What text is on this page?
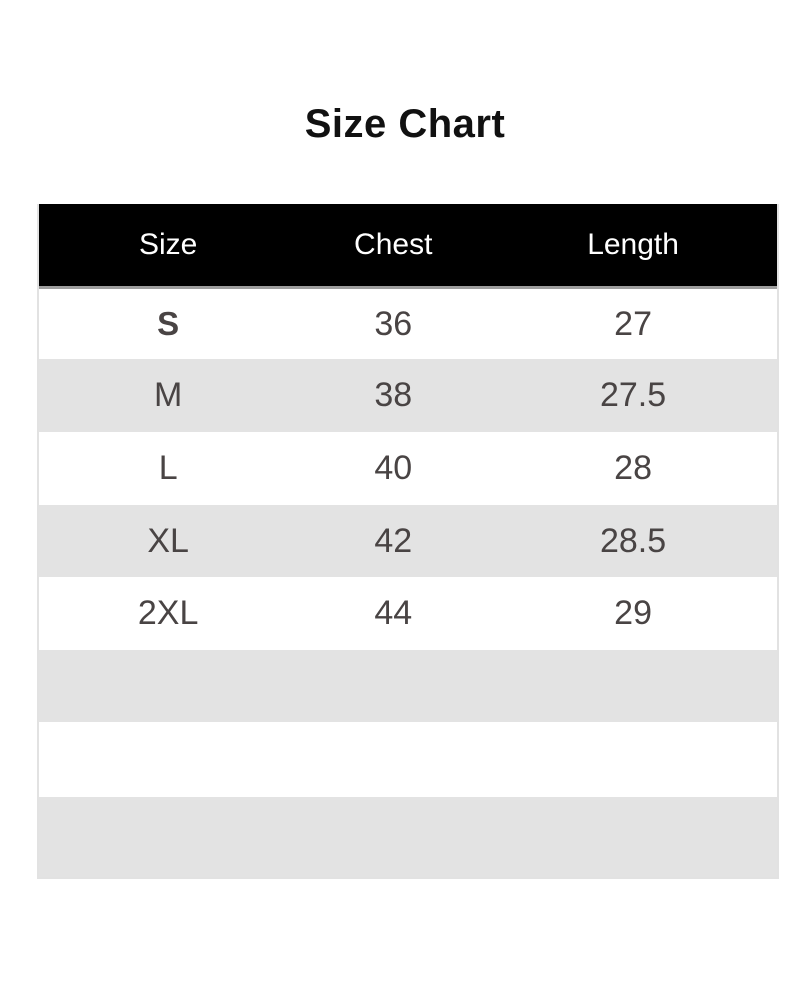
Size Chart
Size	Chest	Length
S	36	27
M	38	27.5
L	40	28
XL	42	28.5
2XL	44	29
